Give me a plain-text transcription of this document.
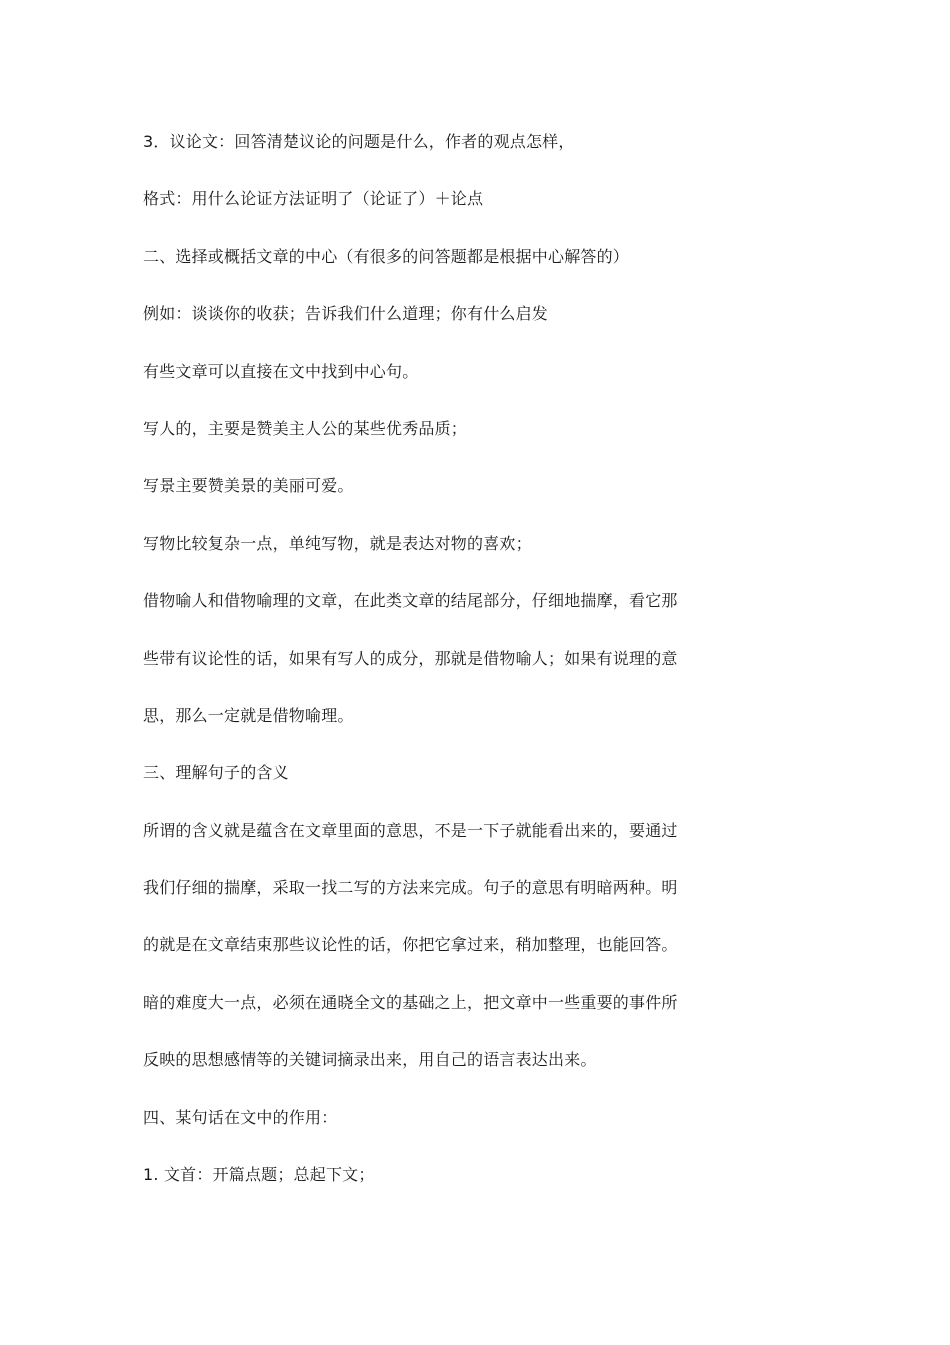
3．议论文：回答清楚议论的问题是什么，作者的观点怎样，
格式：用什么论证方法证明了（论证了）＋论点
二、选择或概括文章的中心（有很多的问答题都是根据中心解答的）
例如：谈谈你的收获；告诉我们什么道理；你有什么启发
有些文章可以直接在文中找到中心句。
写人的，主要是赞美主人公的某些优秀品质；
写景主要赞美景的美丽可爱。
写物比较复杂一点，单纯写物，就是表达对物的喜欢；
借物喻人和借物喻理的文章，在此类文章的结尾部分，仔细地揣摩，看它那
些带有议论性的话，如果有写人的成分，那就是借物喻人；如果有说理的意
思，那么一定就是借物喻理。
三、理解句子的含义
所谓的含义就是蕴含在文章里面的意思，不是一下子就能看出来的，要通过
我们仔细的揣摩，采取一找二写的方法来完成。句子的意思有明暗两种。明
的就是在文章结束那些议论性的话，你把它拿过来，稍加整理，也能回答。
暗的难度大一点，必须在通晓全文的基础之上，把文章中一些重要的事件所
反映的思想感情等的关键词摘录出来，用自己的语言表达出来。
四、某句话在文中的作用：
1. 文首：开篇点题；总起下文；
